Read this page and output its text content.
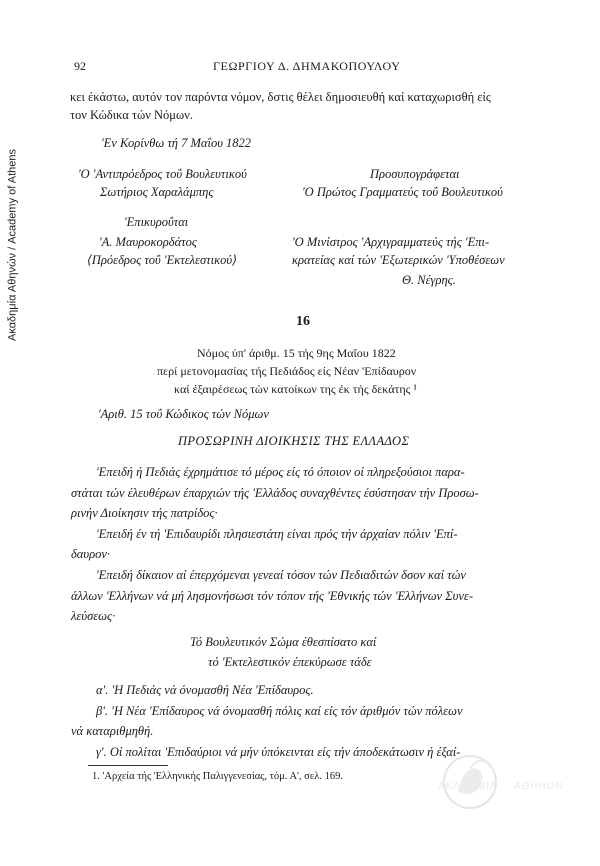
Ακαδημία Αθηνών / Academy of Athens
92	ΓΕΩΡΓΙΟΥ Δ. ΔΗΜΑΚΟΠΟΥΛΟΥ
κει έκάστω, αυτόν τον παρόντα νόμον, δστις θέλει δημοσιευθή καί καταχωρισθή είς
τον Κώδικα τών Νόμων.
'Εν Κορίνθω τή 7 Μαΐου 1822
'Ο 'Αντιπρόεδρος τοΰ Βουλευτικού
Σωτήριος Χαραλάμπης
'Επικυροΰται
'Α. Μαυροκορδάτος
⟨Πρόεδρος τοΰ 'Εκτελεστικού⟩
Προσυπογράφεται
'Ο Πρώτος Γραμματεύς τοΰ Βουλευτικού
'Ο Μινίστρος 'Αρχιγραμματεύς τής 'Επι-
κρατείας καί τών 'Εξωτερικών 'Υποθέσεων
Θ. Νέγρης.
16
Νόμος ύπ' άριθμ. 15 τής 9ης Μαΐου 1822
περί μετονομασίας τής Πεδιάδος είς Νέαν 'Επίδαυρον
καί έξαιρέσεως τών κατοίκων της έκ τής δεκάτης ¹
'Αριθ. 15 τοΰ Κώδικος τών Νόμων
ΠΡΟΣΩΡΙΝΗ ΔΙΟΙΚΗΣΙΣ ΤΗΣ ΕΛΛΑΔΟΣ
'Επειδή ή Πεδιάς έχρημάτισε τό μέρος είς τό όποιον οί πληρεξούσιοι παρα-
στάται τών έλευθέρων έπαρχιών τής 'Ελλάδος συναχθέντες έσύστησαν τήν Προσω-
ρινήν Διοίκησιν τής πατρίδος·
'Επειδή έν τή 'Επιδαυρίδι πλησιεστάτη είναι πρός τήν άρχαίαν πόλιν 'Επί-
δαυρον·
'Επειδή δίκαιον αί έπερχόμεναι γενεαί τόσον τών Πεδιαδιτών δσον καί τών
άλλων 'Ελλήνων νά μή λησμονήσωσι τόν τόπον τής 'Εθνικής τών 'Ελλήνων Συνε-
λεύσεως·
Τό Βουλευτικόν Σώμα έθεσπίσατο καί
τό 'Εκτελεστικόν έπεκύρωσε τάδε
α'. 'Η Πεδιάς νά όνομασθή Νέα 'Επίδαυρος.
β'. 'Η Νέα 'Επίδαυρος νά όνομασθή πόλις καί είς τόν άριθμόν τών πόλεων
νά καταριθμηθή.
γ'. Οί πολίται 'Επιδαύριοι νά μήν ύπόκεινται είς τήν άποδεκάτωσιν ή έξαί-
1. 'Αρχεία τής 'Ελληνικής Παλιγγενεσίας, τόμ. Α', σελ. 169.
ΑΚΑΔΗΜΙΑ ΑΘΗΝΩΝ
